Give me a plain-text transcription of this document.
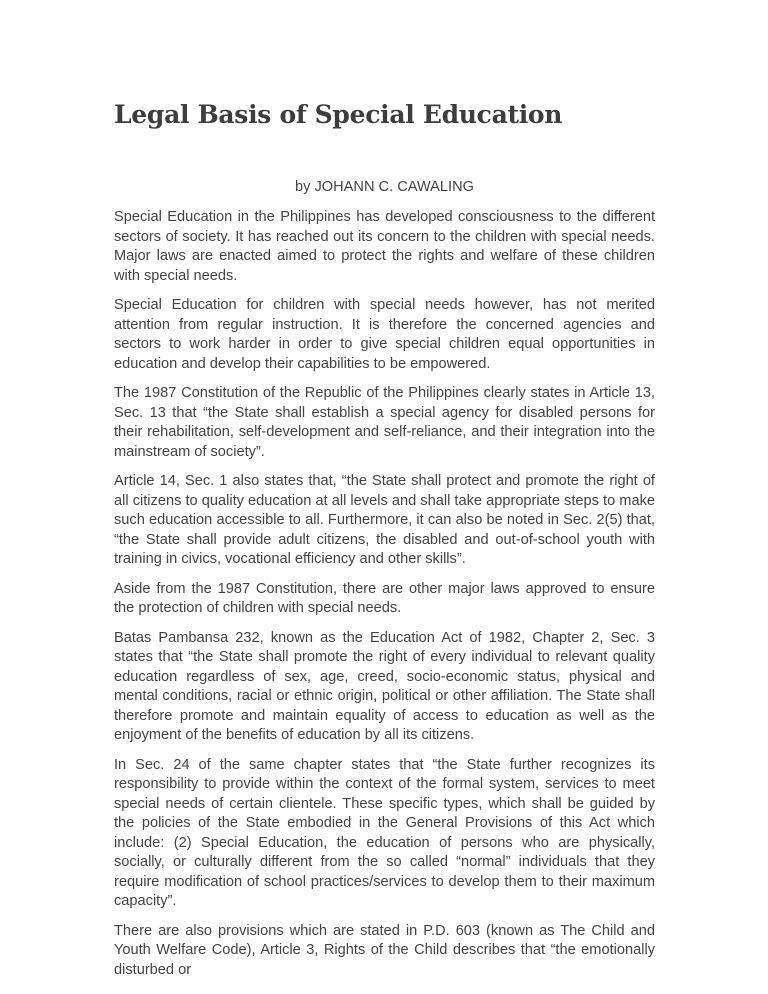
Legal Basis of Special Education
by JOHANN C. CAWALING

Special Education in the Philippines has developed consciousness to the different sectors of society. It has reached out its concern to the children with special needs. Major laws are enacted aimed to protect the rights and welfare of these children with special needs.

Special Education for children with special needs however, has not merited attention from regular instruction. It is therefore the concerned agencies and sectors to work harder in order to give special children equal opportunities in education and develop their capabilities to be empowered.

The 1987 Constitution of the Republic of the Philippines clearly states in Article 13, Sec. 13 that “the State shall establish a special agency for disabled persons for their rehabilitation, self-development and self-reliance, and their integration into the mainstream of society”.

Article 14, Sec. 1 also states that, “the State shall protect and promote the right of all citizens to quality education at all levels and shall take appropriate steps to make such education accessible to all. Furthermore, it can also be noted in Sec. 2(5) that, “the State shall provide adult citizens, the disabled and out-of-school youth with training in civics, vocational efficiency and other skills”.

Aside from the 1987 Constitution, there are other major laws approved to ensure the protection of children with special needs.

Batas Pambansa 232, known as the Education Act of 1982, Chapter 2, Sec. 3 states that “the State shall promote the right of every individual to relevant quality education regardless of sex, age, creed, socio-economic status, physical and mental conditions, racial or ethnic origin, political or other affiliation. The State shall therefore promote and maintain equality of access to education as well as the enjoyment of the benefits of education by all its citizens.

In Sec. 24 of the same chapter states that “the State further recognizes its responsibility to provide within the context of the formal system, services to meet special needs of certain clientele. These specific types, which shall be guided by the policies of the State embodied in the General Provisions of this Act which include: (2) Special Education, the education of persons who are physically, socially, or culturally different from the so called “normal” individuals that they require modification of school practices/services to develop them to their maximum capacity”.

There are also provisions which are stated in P.D. 603 (known as The Child and Youth Welfare Code), Article 3, Rights of the Child describes that “the emotionally disturbed or
